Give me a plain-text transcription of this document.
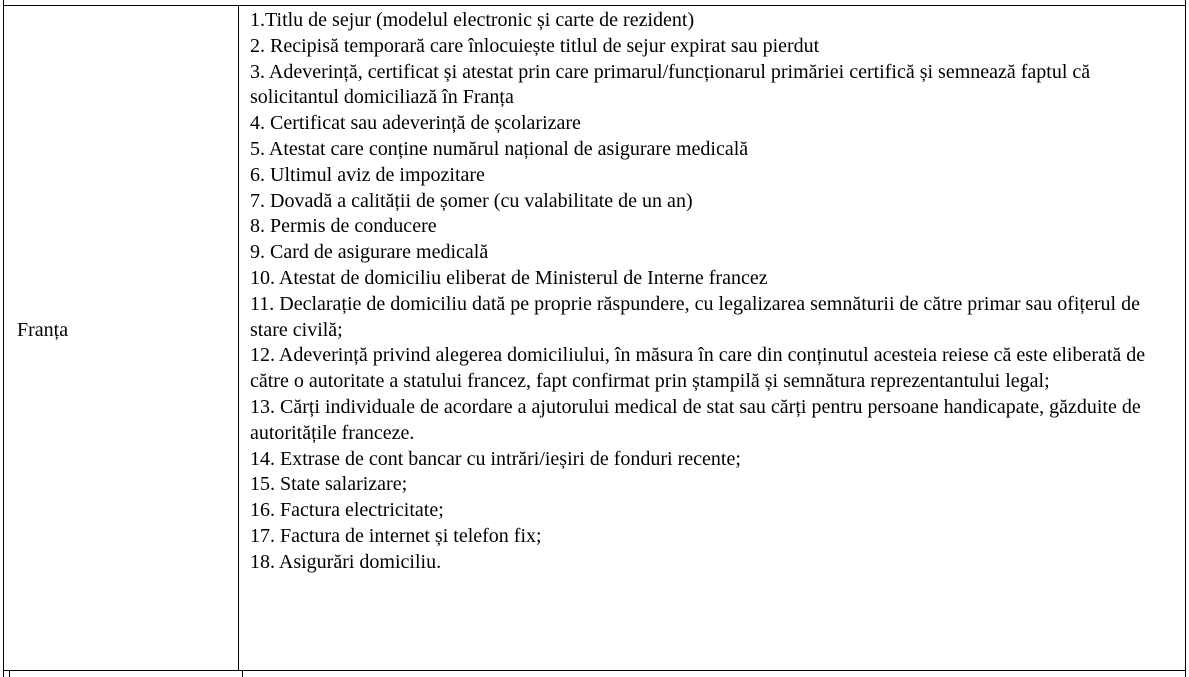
Franța
1.Titlu de sejur (modelul electronic și carte de rezident)
2. Recipisă temporară care înlocuiește titlul de sejur expirat sau pierdut
3. Adeverință, certificat și atestat prin care primarul/funcționarul primăriei certifică și semnează faptul că solicitantul domiciliază în Franța
4. Certificat sau adeverință de școlarizare
5. Atestat care conține numărul național de asigurare medicală
6. Ultimul aviz de impozitare
7. Dovadă a calității de șomer (cu valabilitate de un an)
8. Permis de conducere
9. Card de asigurare medicală
10. Atestat de domiciliu eliberat de Ministerul de Interne francez
11. Declarație de domiciliu dată pe proprie răspundere, cu legalizarea semnăturii de către primar sau ofițerul de stare civilă;
12. Adeverință privind alegerea domiciliului, în măsura în care din conținutul acesteia reiese că este eliberată de către o autoritate a statului francez, fapt confirmat prin ștampilă și semnătura reprezentantului legal;
13. Cărți individuale de acordare a ajutorului medical de stat sau cărți pentru persoane handicapate, găzduite de autoritățile franceze.
14. Extrase de cont bancar cu intrări/ieșiri de fonduri recente;
15. State salarizare;
16. Factura electricitate;
17. Factura de internet și telefon fix;
18. Asigurări domiciliu.
